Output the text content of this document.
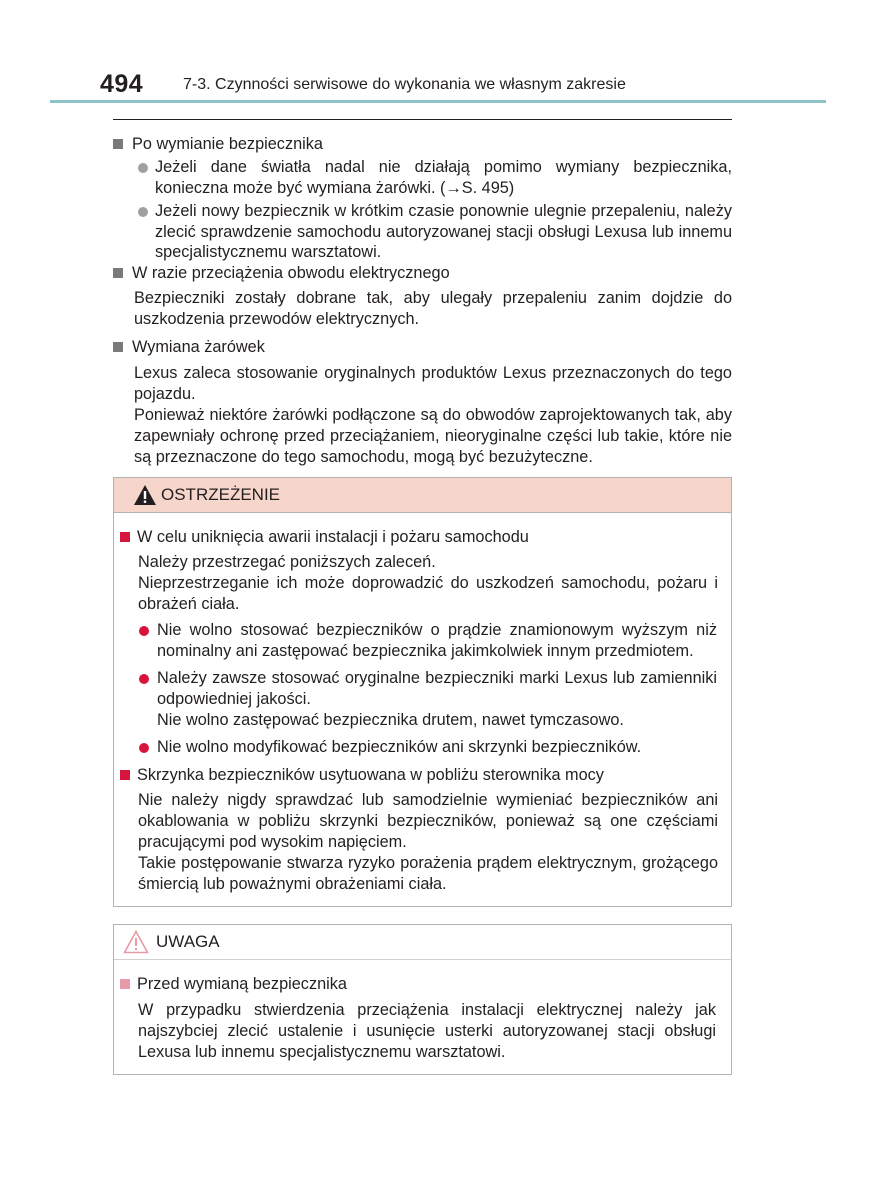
494 7-3. Czynności serwisowe do wykonania we własnym zakresie
Po wymianie bezpiecznika
Jeżeli dane światła nadal nie działają pomimo wymiany bezpiecznika, konieczna może być wymiana żarówki. (→S. 495)
Jeżeli nowy bezpiecznik w krótkim czasie ponownie ulegnie przepaleniu, należy zlecić sprawdzenie samochodu autoryzowanej stacji obsługi Lexusa lub innemu specjalistycznemu warsztatowi.
W razie przeciążenia obwodu elektrycznego
Bezpieczniki zostały dobrane tak, aby ulegały przepaleniu zanim dojdzie do uszkodzenia przewodów elektrycznych.
Wymiana żarówek
Lexus zaleca stosowanie oryginalnych produktów Lexus przeznaczonych do tego pojazdu.
Ponieważ niektóre żarówki podłączone są do obwodów zaprojektowanych tak, aby zapewniały ochronę przed przeciążaniem, nieoryginalne części lub takie, które nie są przeznaczone do tego samochodu, mogą być bezużyteczne.
OSTRZEŻENIE
W celu uniknięcia awarii instalacji i pożaru samochodu
Należy przestrzegać poniższych zaleceń.
Nieprzestrzeganie ich może doprowadzić do uszkodzeń samochodu, pożaru i obrażeń ciała.
Nie wolno stosować bezpieczników o prądzie znamionowym wyższym niż nominalny ani zastępować bezpiecznika jakimkolwiek innym przedmiotem.
Należy zawsze stosować oryginalne bezpieczniki marki Lexus lub zamienniki odpowiedniej jakości.
Nie wolno zastępować bezpiecznika drutem, nawet tymczasowo.
Nie wolno modyfikować bezpieczników ani skrzynki bezpieczników.
Skrzynka bezpieczników usytuowana w pobliżu sterownika mocy
Nie należy nigdy sprawdzać lub samodzielnie wymieniać bezpieczników ani okablowania w pobliżu skrzynki bezpieczników, ponieważ są one częściami pracującymi pod wysokim napięciem.
Takie postępowanie stwarza ryzyko porażenia prądem elektrycznym, grożącego śmiercią lub poważnymi obrażeniami ciała.
UWAGA
Przed wymianą bezpiecznika
W przypadku stwierdzenia przeciążenia instalacji elektrycznej należy jak najszybciej zlecić ustalenie i usunięcie usterki autoryzowanej stacji obsługi Lexusa lub innemu specjalistycznemu warsztatowi.
